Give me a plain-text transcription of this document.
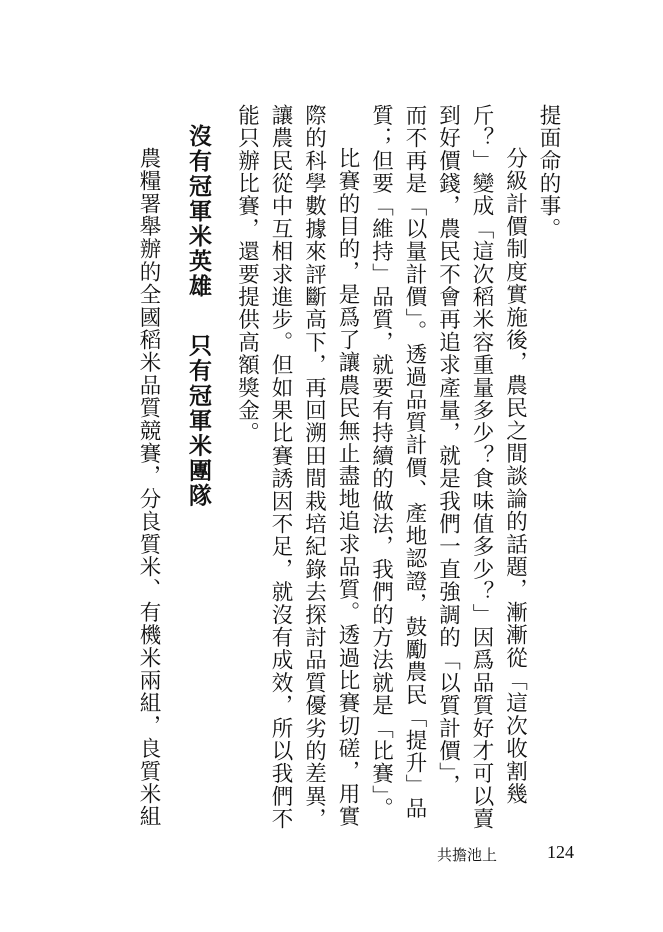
提面命的事。

分級計價制度實施後，農民之間談論的話題，漸漸從「這次收割幾

斤？」變成「這次稻米容重量多少？食味值多少？」因爲品質好才可以賣

到好價錢，農民不會再追求產量，就是我們一直強調的「以質計價」，

而不再是「以量計價」。透過品質計價、產地認證，鼓勵農民「提升」品

質；但要「維持」品質，就要有持續的做法，我們的方法就是「比賽」。

比賽的目的，是爲了讓農民無止盡地追求品質。透過比賽切磋，用實

際的科學數據來評斷高下，再回溯田間栽培紀錄去探討品質優劣的差異，

讓農民從中互相求進步。但如果比賽誘因不足，就沒有成效，所以我們不

能只辦比賽，還要提供高額獎金。

沒有冠軍米英雄只有冠軍米團隊

農糧署舉辦的全國稻米品質競賽，分良質米、有機米兩組，良質米組

共擔池上	124
